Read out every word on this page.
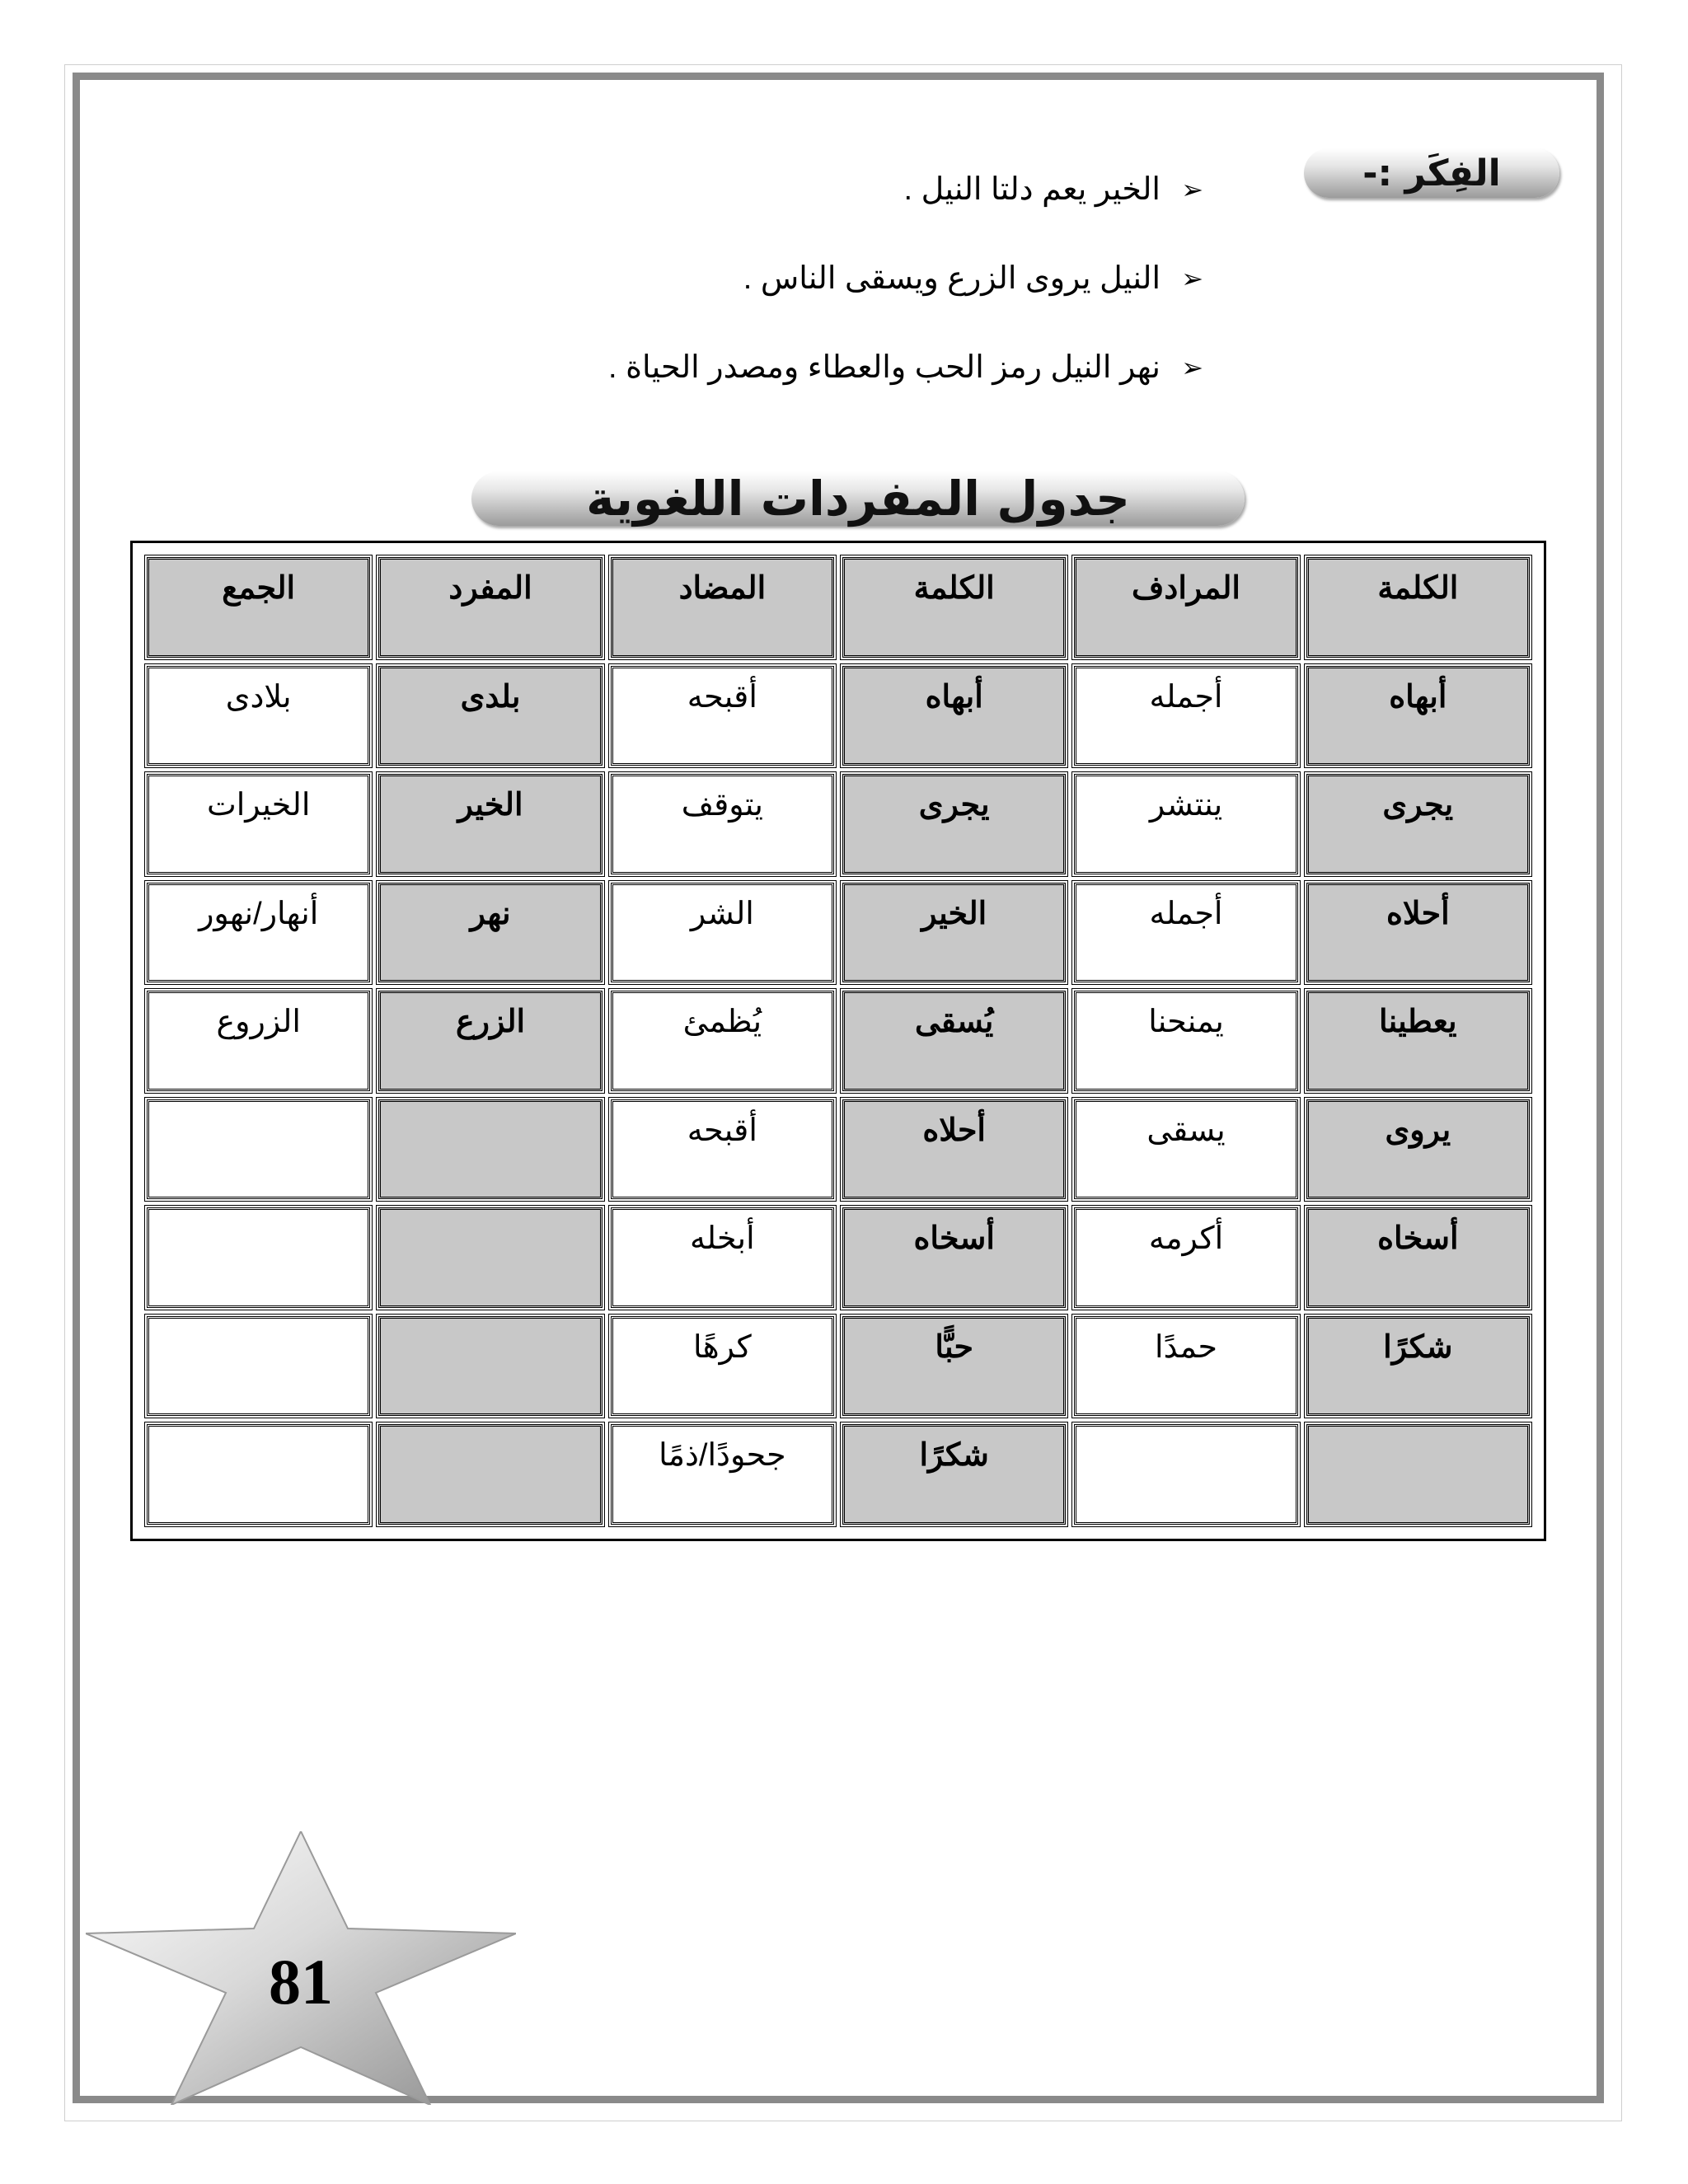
الفِكَر :-
➢
الخير يعم دلتا النيل .
➢
النيل يروى الزرع ويسقى الناس .
➢
نهر النيل رمز الحب والعطاء ومصدر الحياة .
جدول المفردات اللغوية
الكلمة	المرادف	الكلمة	المضاد	المفرد	الجمع
أبهاه	أجمله	أبهاه	أقبحه	بلدى	بلادى
يجرى	ينتشر	يجرى	يتوقف	الخير	الخيرات
أحلاه	أجمله	الخير	الشر	نهر	أنهار/نهور
يعطينا	يمنحنا	يُسقى	يُظمئ	الزرع	الزروع
يروى	يسقى	أحلاه	أقبحه		
أسخاه	أكرمه	أسخاه	أبخله		
شكرًا	حمدًا	حبًّا	كرهًا		
		شكرًا	جحودًا/ذمًا		
81
